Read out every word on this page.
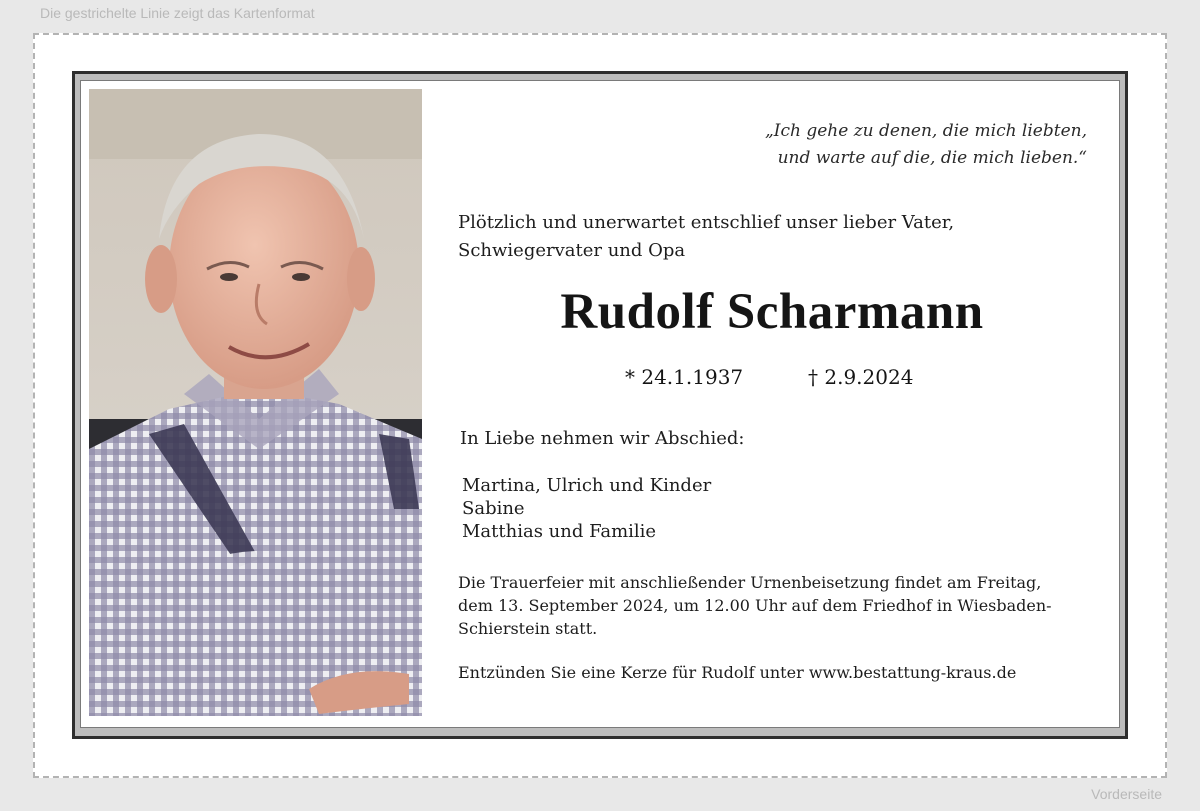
Die gestrichelte Linie zeigt das Kartenformat
„Ich gehe zu denen, die mich liebten,
und warte auf die, die mich lieben.“
Plötzlich und unerwartet entschlief unser lieber Vater,
Schwiegervater und Opa
Rudolf Scharmann
* 24.1.1937	† 2.9.2024
In Liebe nehmen wir Abschied:
Martina, Ulrich und Kinder
Sabine
Matthias und Familie
Die Trauerfeier mit anschließender Urnenbeisetzung findet am Freitag,
dem 13. September 2024, um 12.00 Uhr auf dem Friedhof in Wiesbaden-
Schierstein statt.
Entzünden Sie eine Kerze für Rudolf unter www.bestattung-kraus.de
Vorderseite
